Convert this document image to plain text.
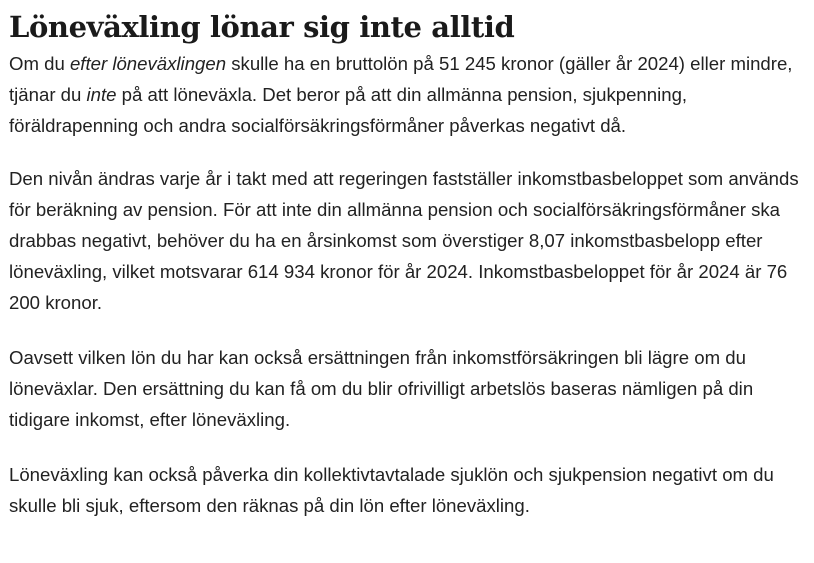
Löneväxling lönar sig inte alltid

Om du efter löneväxlingen skulle ha en bruttolön på 51 245 kronor (gäller år 2024) eller mindre, tjänar du inte på att löneväxla. Det beror på att din allmänna pension, sjukpenning, föräldrapenning och andra socialförsäkringsförmåner påverkas negativt då.

Den nivån ändras varje år i takt med att regeringen fastställer inkomstbasbeloppet som används för beräkning av pension. För att inte din allmänna pension och socialförsäkringsförmåner ska drabbas negativt, behöver du ha en årsinkomst som överstiger 8,07 inkomstbasbelopp efter löneväxling, vilket motsvarar 614 934 kronor för år 2024. Inkomstbasbeloppet för år 2024 är 76 200 kronor.

Oavsett vilken lön du har kan också ersättningen från inkomstförsäkringen bli lägre om du löneväxlar. Den ersättning du kan få om du blir ofrivilligt arbetslös baseras nämligen på din tidigare inkomst, efter löneväxling.

Löneväxling kan också påverka din kollektivtavtalade sjuklön och sjukpension negativt om du skulle bli sjuk, eftersom den räknas på din lön efter löneväxling.
